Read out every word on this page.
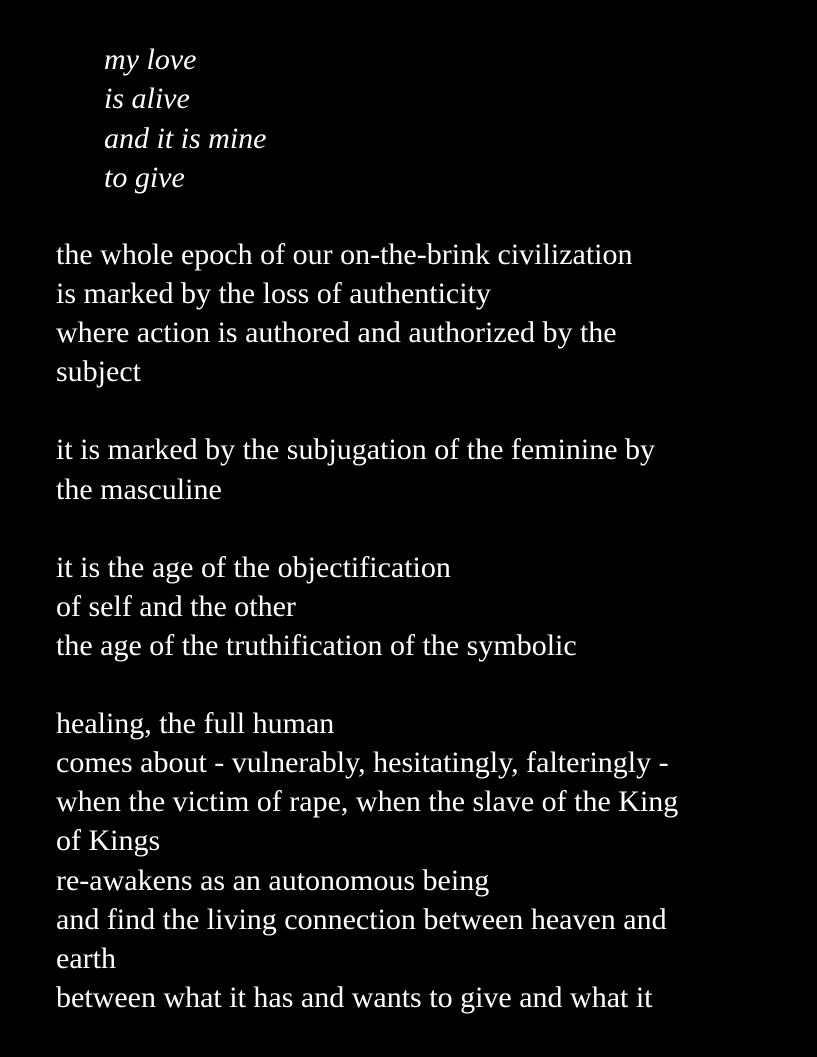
my love
is alive
and it is mine
to give
the whole epoch of our on-the-brink civilization
is marked by the loss of authenticity
where action is authored and authorized by the
subject
it is marked by the subjugation of the feminine by
the masculine
it is the age of the objectification
of self and the other
the age of the truthification of the symbolic
healing, the full human
comes about - vulnerably, hesitatingly, falteringly -
when the victim of rape, when the slave of the King
of Kings
re-awakens as an autonomous being
and find the living connection between heaven and
earth
between what it has and wants to give and what it
